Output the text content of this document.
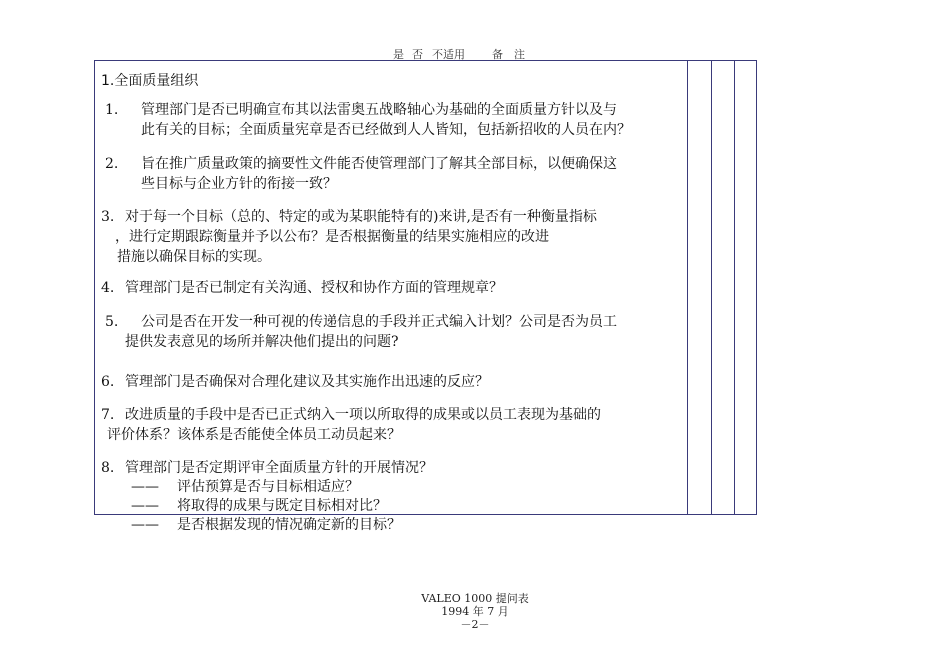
是 否 不适用 备　注
1.全面质量组织
1.	管理部门是否已明确宣布其以法雷奥五战略轴心为基础的全面质量方针以及与
此有关的目标；全面质量宪章是否已经做到人人皆知，包括新招收的人员在内？
2.	旨在推广质量政策的摘要性文件能否使管理部门了解其全部目标，以便确保这
些目标与企业方针的衔接一致？
3. 对于每一个目标（总的、特定的或为某职能特有的)来讲,是否有一种衡量指标
，进行定期跟踪衡量并予以公布？是否根据衡量的结果实施相应的改进
措施以确保目标的实现。
4. 管理部门是否已制定有关沟通、授权和协作方面的管理规章？
5.	公司是否在开发一种可视的传递信息的手段并正式编入计划？公司是否为员工
提供发表意见的场所并解决他们提出的问题?
6. 管理部门是否确保对合理化建议及其实施作出迅速的反应？
7. 改进质量的手段中是否已正式纳入一项以所取得的成果或以员工表现为基础的
评价体系？该体系是否能使全体员工动员起来？
8. 管理部门是否定期评审全面质量方针的开展情况？
—— 评估预算是否与目标相适应？
—— 将取得的成果与既定目标相对比？
—— 是否根据发现的情况确定新的目标？
VALEO 1000 提问表
1994 年 7 月
－2－
